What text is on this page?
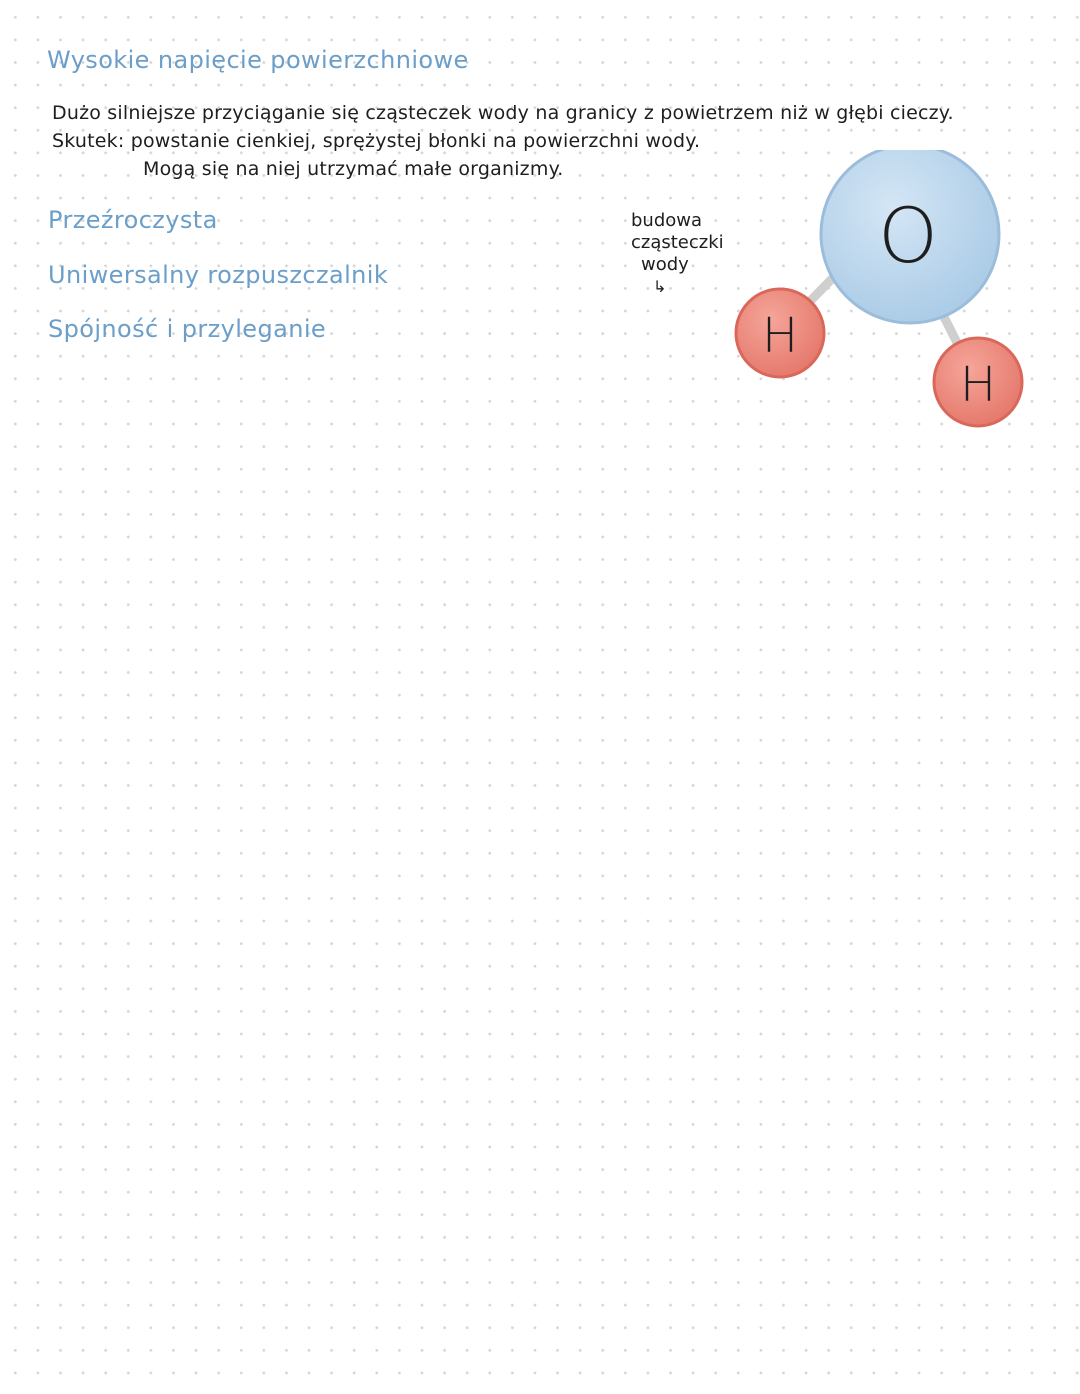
Wysokie napięcie powierzchniowe

Dużo silniejsze przyciąganie się cząsteczek wody na granicy z powietrzem niż w głębi cieczy.

Skutek: powstanie cienkiej, sprężystej błonki na powierzchni wody.

Mogą się na niej utrzymać małe organizmy.

Przeźroczysta

Uniwersalny rozpuszczalnik

Spójność i przyleganie

budowa
cząsteczki
wody
↳
O
H
H
